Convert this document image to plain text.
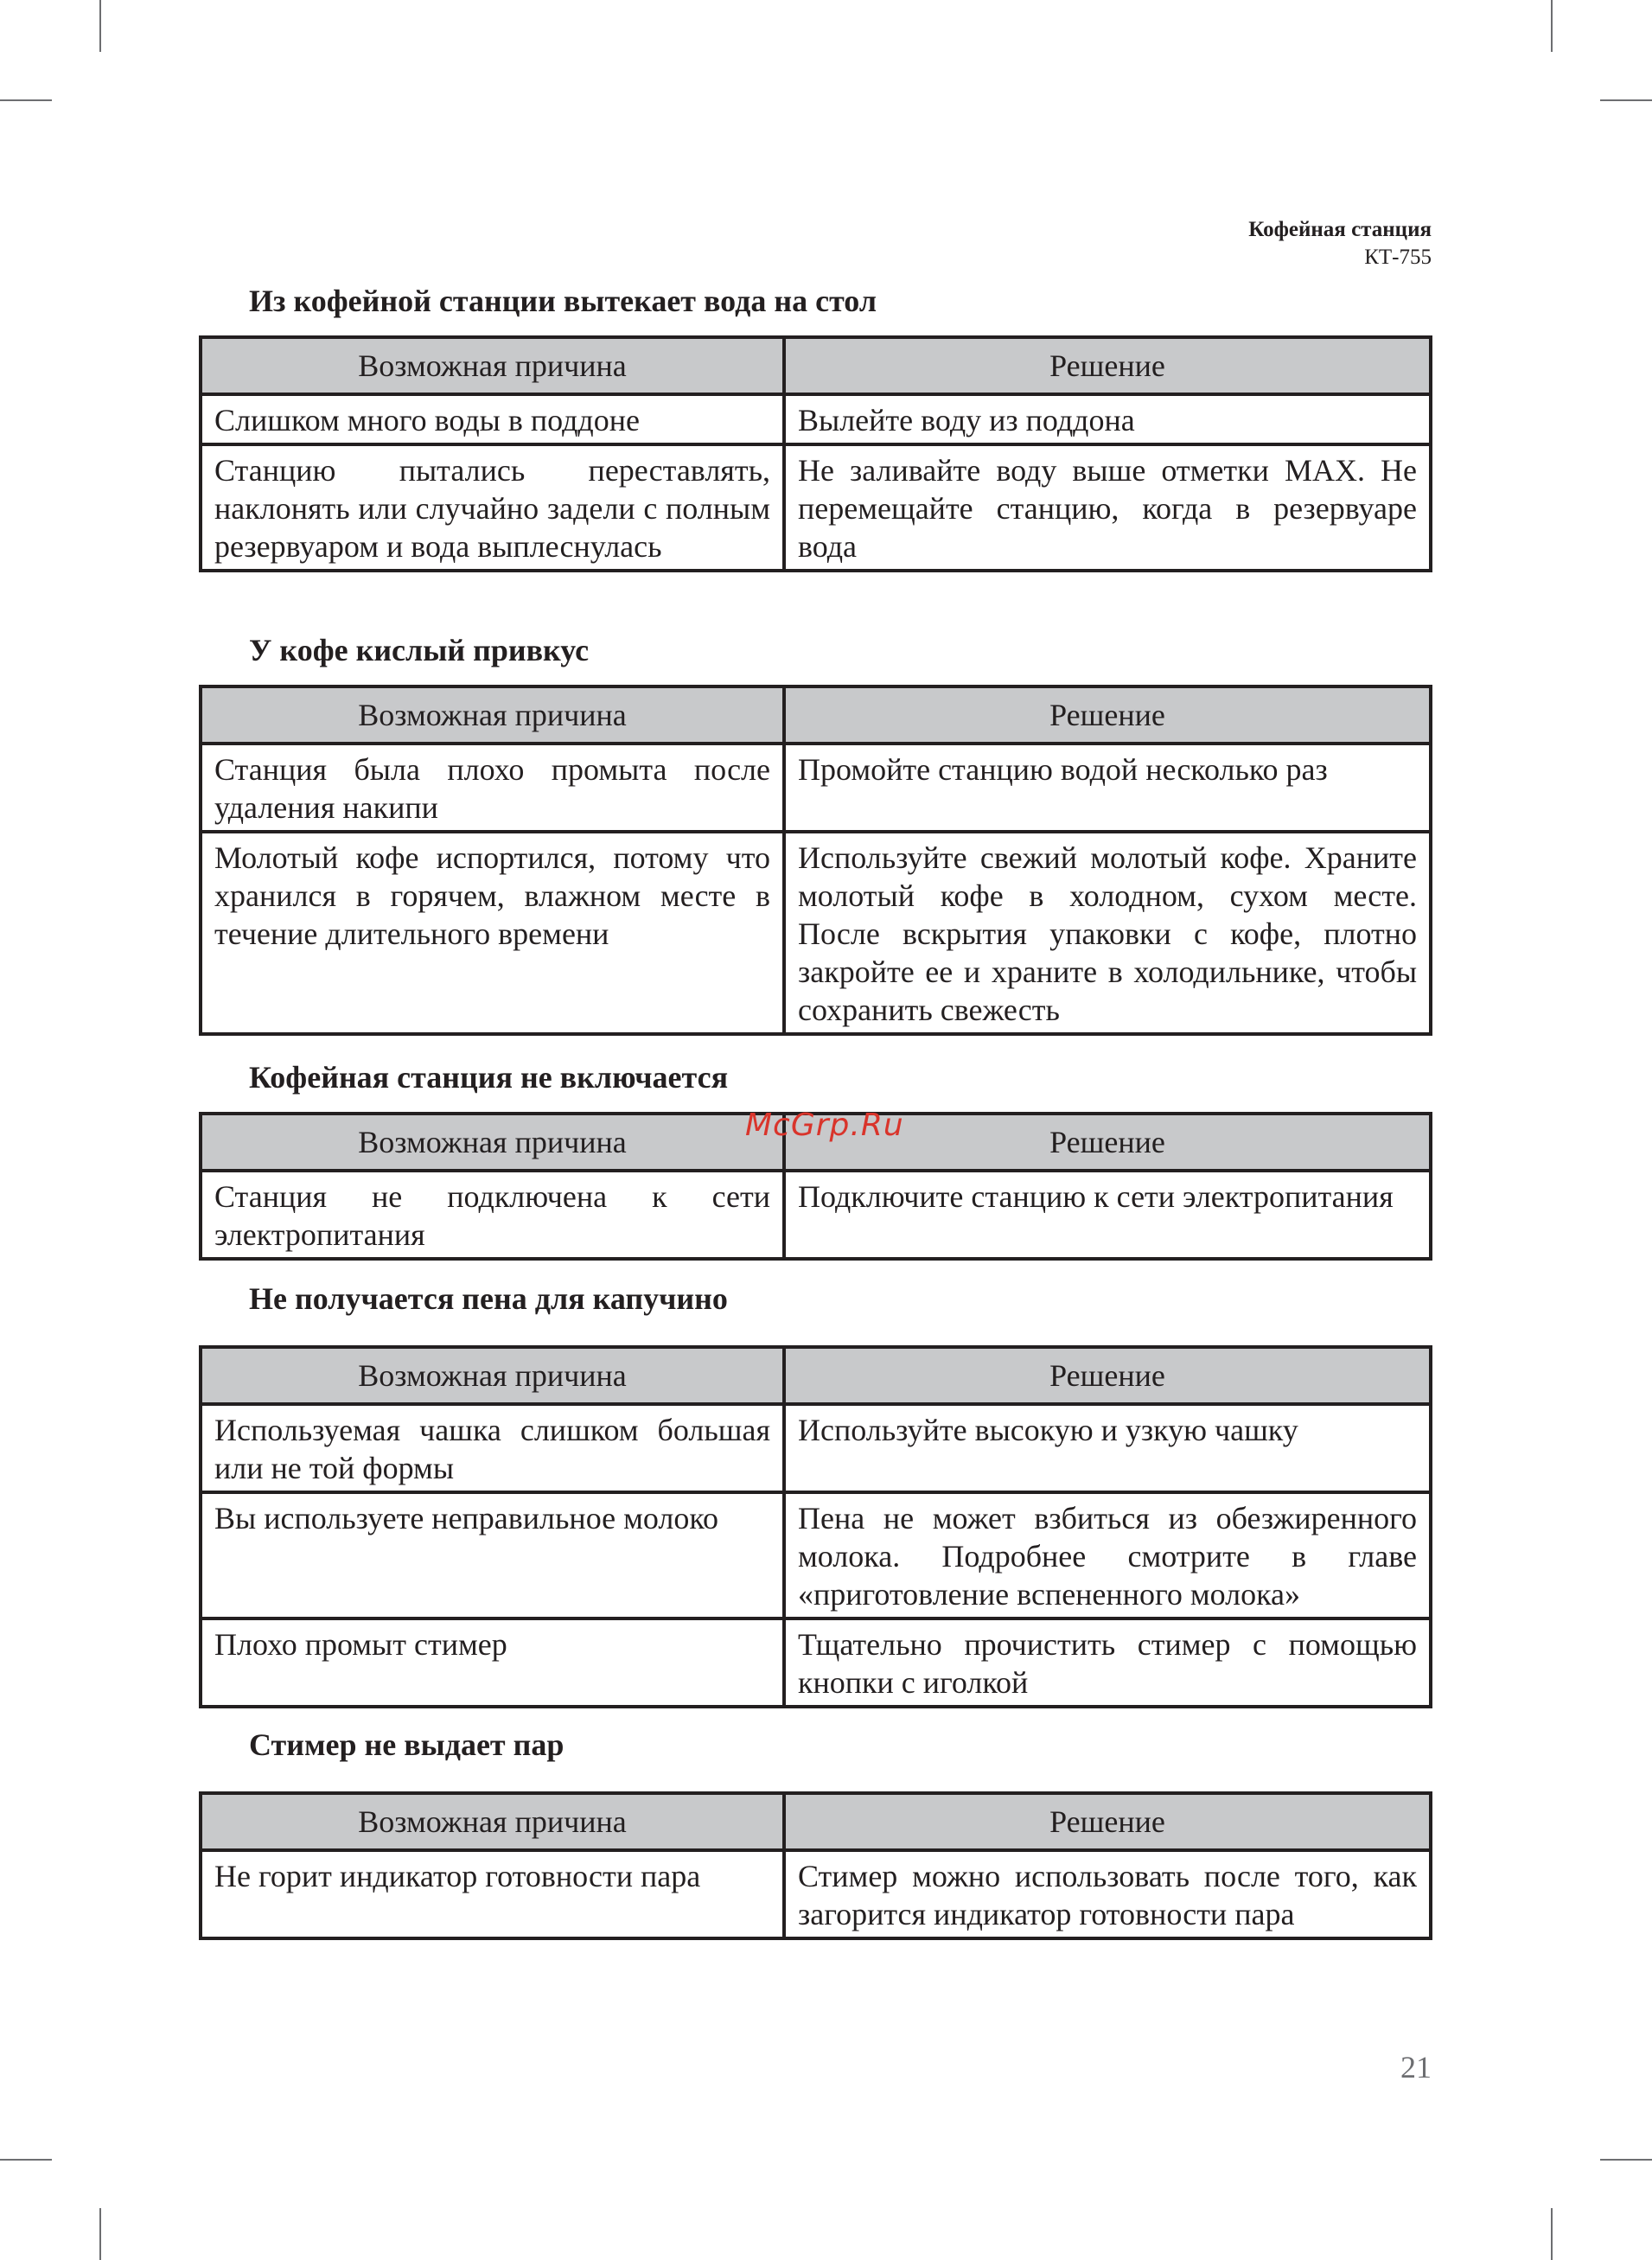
Кофейная станция
КТ-755
Из кофейной станции вытекает вода на стол
Возможная причина	Решение
Слишком много воды в поддоне	Вылейте воду из поддона
Станцию пытались переставлять, наклонять или случайно задели с полным резервуаром и вода выплеснулась	Не заливайте воду выше отметки MAX. Не перемещайте станцию, когда в резервуаре вода
У кофе кислый привкус
Возможная причина	Решение
Станция была плохо промыта после удаления накипи	Промойте станцию водой несколько раз
Молотый кофе испортился, потому что хранился в горячем, влажном месте в течение длительного времени	Используйте свежий молотый кофе. Храните молотый кофе в холодном, сухом месте. После вскрытия упаковки с кофе, плотно закройте ее и храните в холодильнике, чтобы сохранить свежесть
Кофейная станция не включается
Возможная причина	Решение
Станция не подключена к сети электропитания	Подключите станцию к сети электропитания
Не получается пена для капучино
Возможная причина	Решение
Используемая чашка слишком большая или не той формы	Используйте высокую и узкую чашку
Вы используете неправильное молоко	Пена не может взбиться из обезжиренного молока. Подробнее смотрите в главе «приготовление вспененного молока»
Плохо промыт стимер	Тщательно прочистить стимер с помощью кнопки с иголкой
Стимер не выдает пар
Возможная причина	Решение
Не горит индикатор готовности пара	Стимер можно использовать после того, как загорится индикатор готовности пара
McGrp.Ru
21
